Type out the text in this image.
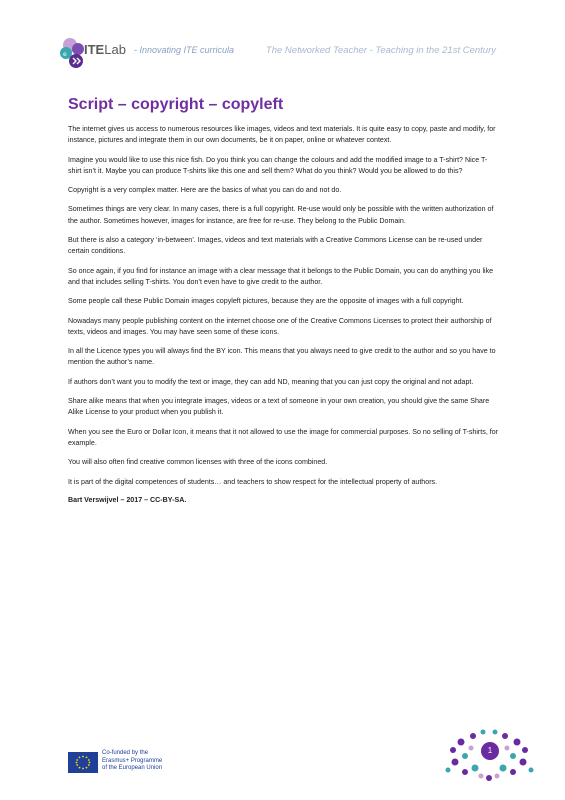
e ITELab - Innovating ITE curricula	The Networked Teacher - Teaching in the 21st Century
Script – copyright – copyleft

The internet gives us access to numerous resources like images, videos and text materials. It is quite easy to copy, paste and modify, for instance, pictures and integrate them in our own documents, be it on paper, online or whatever context.

Imagine you would like to use this nice fish. Do you think you can change the colours and add the modified image to a T-shirt? Nice T-shirt isn’t it. Maybe you can produce T-shirts like this one and sell them? What do you think? Would you be allowed to do this?

Copyright is a very complex matter. Here are the basics of what you can do and not do.

Sometimes things are very clear. In many cases, there is a full copyright. Re-use would only be possible with the written authorization of the author. Sometimes however, images for instance, are free for re-use. They belong to the Public Domain.

But there is also a category ‘in-between’. Images, videos and text materials with a Creative Commons License can be re-used under certain conditions.

So once again, if you find for instance an image with a clear message that it belongs to the Public Domain, you can do anything you like and that includes selling T-shirts. You don’t even have to give credit to the author.

Some people call these Public Domain images copyleft pictures, because they are the opposite of images with a full copyright.

Nowadays many people publishing content on the internet choose one of the Creative Commons Licenses to protect their authorship of texts, videos and images. You may have seen some of these icons.

In all the Licence types you will always find the BY icon. This means that you always need to give credit to the author and so you have to mention the author’s name.

If authors don’t want you to modify the text or image, they can add ND, meaning that you can just copy the original and not adapt.

Share alike means that when you integrate images, videos or a text of someone in your own creation, you should give the same Share Alike License to your product when you publish it.

When you see the Euro or Dollar Icon, it means that it not allowed to use the image for commercial purposes. So no selling of T-shirts, for example.

You will also often find creative common licenses with three of the icons combined.

It is part of the digital competences of students… and teachers to show respect for the intellectual property of authors.

Bart Verswijvel – 2017 – CC-BY-SA.

Co-funded by the
Erasmus+ Programme
of the European Union
1
